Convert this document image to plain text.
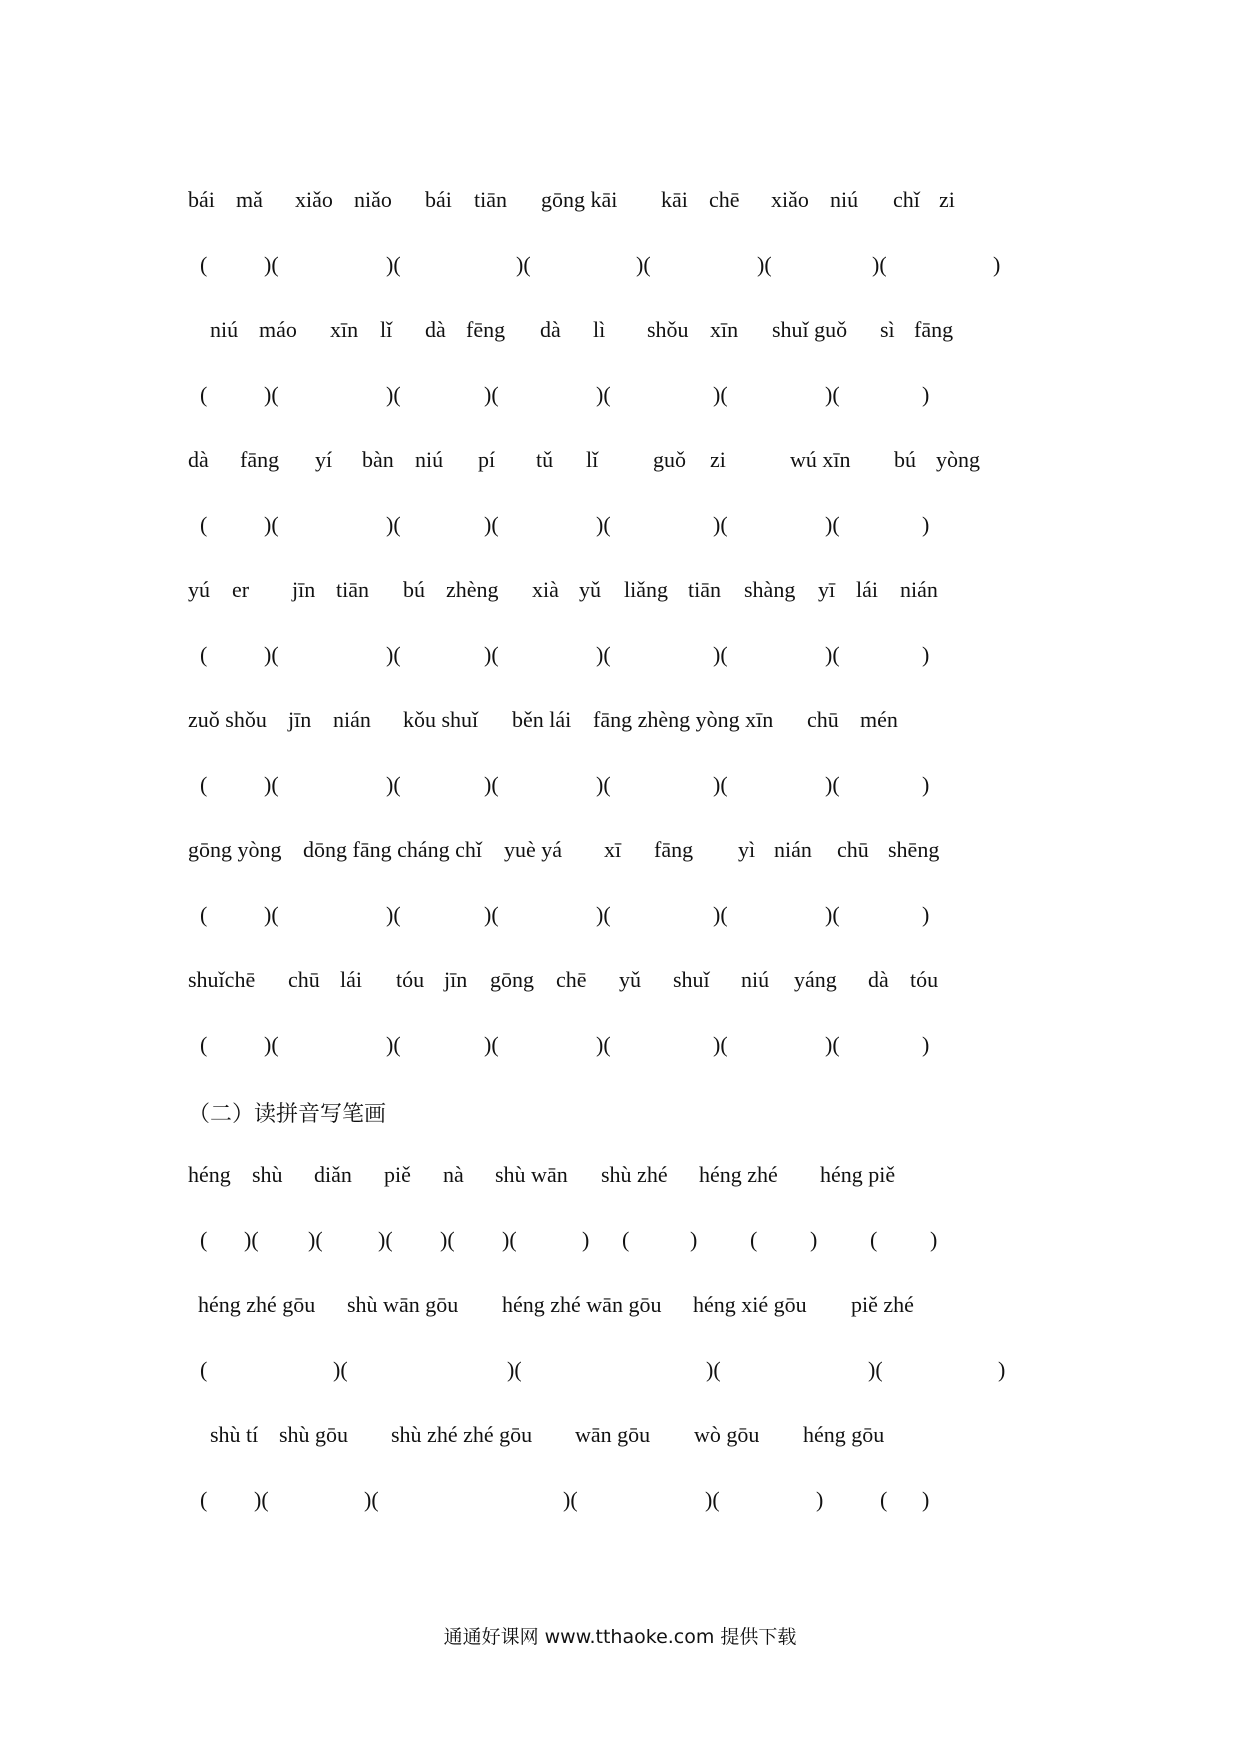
bái mǎ xiǎo niǎo bái tiān gōng kāi kāi chē xiǎo niú chǐ zi
(	)(	)(	)(	)(	)(	)(	)
niú máo xīn lǐ dà fēng dà lì shǒu xīn shuǐ guǒ sì fāng
(	)(	)(	)(	)(	)(	)(	)
dà fāng yí bàn niú pí tǔ lǐ guǒ zi	wú xīn bú yòng
(	)(	)(	)(	)(	)(	)(	)
yú er jīn tiān bú zhèng xià yǔ liǎng tiān shàng yī lái nián
(	)(	)(	)(	)(	)(	)(	)
zuǒ shǒu jīn nián kǒu shuǐ běn lái fāng zhèng yòng xīn chū mén
(	)(	)(	)(	)(	)(	)(	)
gōng yòng dōng fāng cháng chǐ yuè yá xī fāng yì nián chū shēng
(	)(	)(	)(	)(	)(	)(	)
shuǐchē chū lái tóu jīn gōng chē yǔ shuǐ niú yáng dà tóu
(	)(	)(	)(	)(	)(	)(	)
（二）读拼音写笔画
héng shù diǎn piě nà shù wān shù zhé héng zhé héng piě
( )( )(	)( )( )(	) (	) ( ) ( )
héng zhé gōu shù wān gōu héng zhé wān gōu héng xié gōu piě zhé
(	)(	)(	)(	)(	)
shù tí shù gōu shù zhé zhé gōu wān gōu wò gōu héng gōu
( )(	)(	)(	)(	)	( )
通通好课网 www.tthaoke.com 提供下载
